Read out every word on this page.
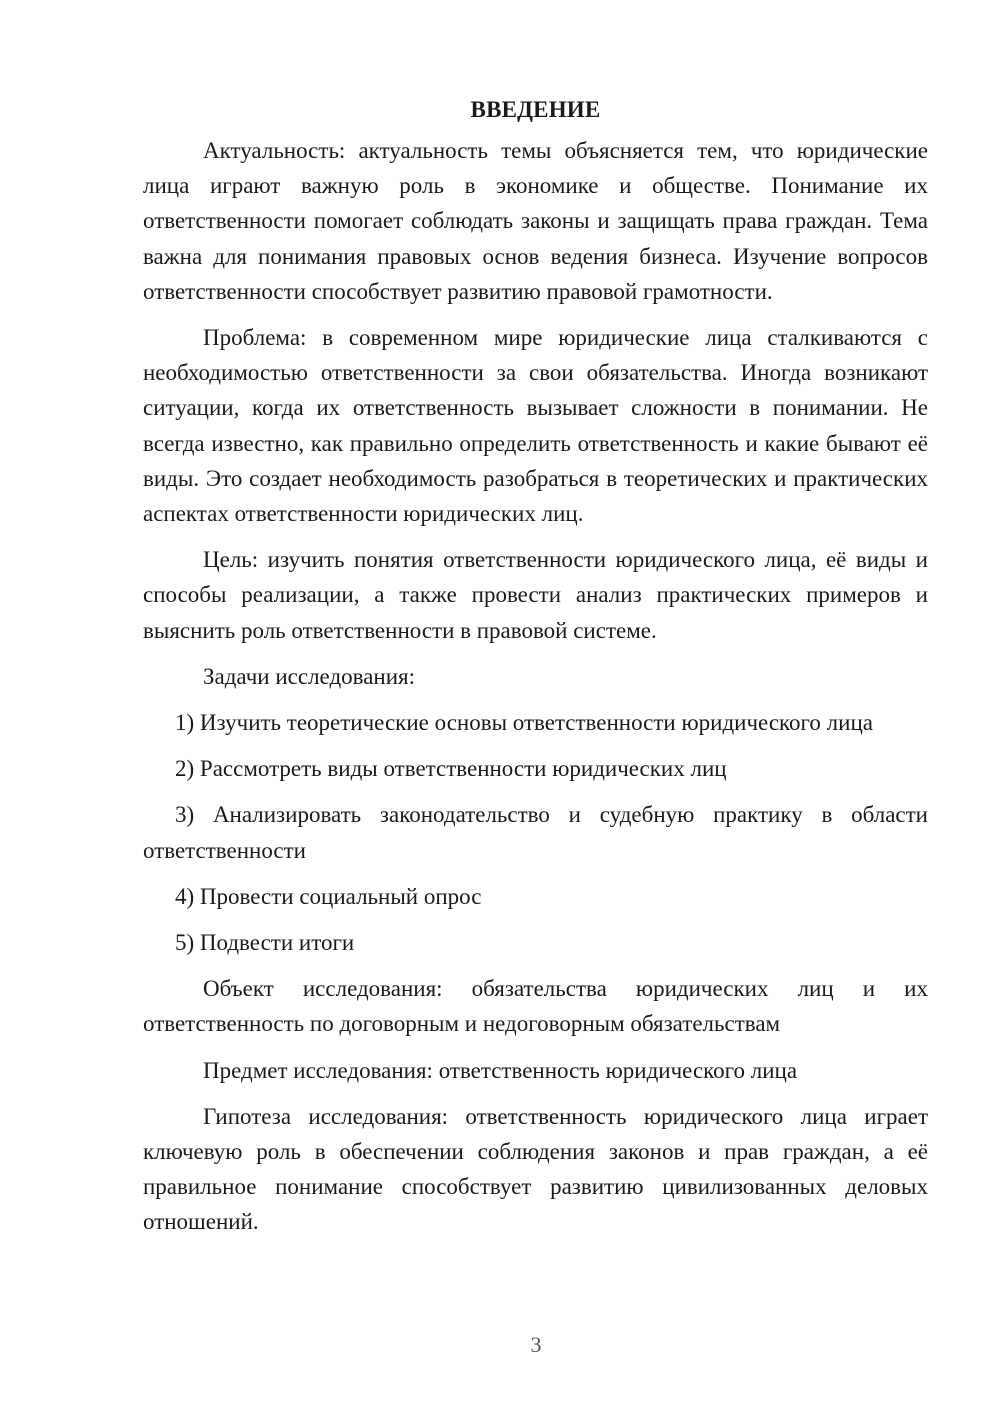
ВВЕДЕНИЕ

Актуальность: актуальность темы объясняется тем, что юридические лица играют важную роль в экономике и обществе. Понимание их ответственности помогает соблюдать законы и защищать права граждан. Тема важна для понимания правовых основ ведения бизнеса. Изучение вопросов ответственности способствует развитию правовой грамотности.

Проблема: в современном мире юридические лица сталкиваются с необходимостью ответственности за свои обязательства. Иногда возникают ситуации, когда их ответственность вызывает сложности в понимании. Не всегда известно, как правильно определить ответственность и какие бывают её виды. Это создает необходимость разобраться в теоретических и практических аспектах ответственности юридических лиц.

Цель: изучить понятия ответственности юридического лица, её виды и способы реализации, а также провести анализ практических примеров и выяснить роль ответственности в правовой системе.

Задачи исследования:

1) Изучить теоретические основы ответственности юридического лица

2) Рассмотреть виды ответственности юридических лиц

3) Анализировать законодательство и судебную практику в области ответственности

4) Провести социальный опрос

5) Подвести итоги

Объект исследования: обязательства юридических лиц и их ответственность по договорным и недоговорным обязательствам

Предмет исследования: ответственность юридического лица

Гипотеза исследования: ответственность юридического лица играет ключевую роль в обеспечении соблюдения законов и прав граждан, а её правильное понимание способствует развитию цивилизованных деловых отношений.

3
